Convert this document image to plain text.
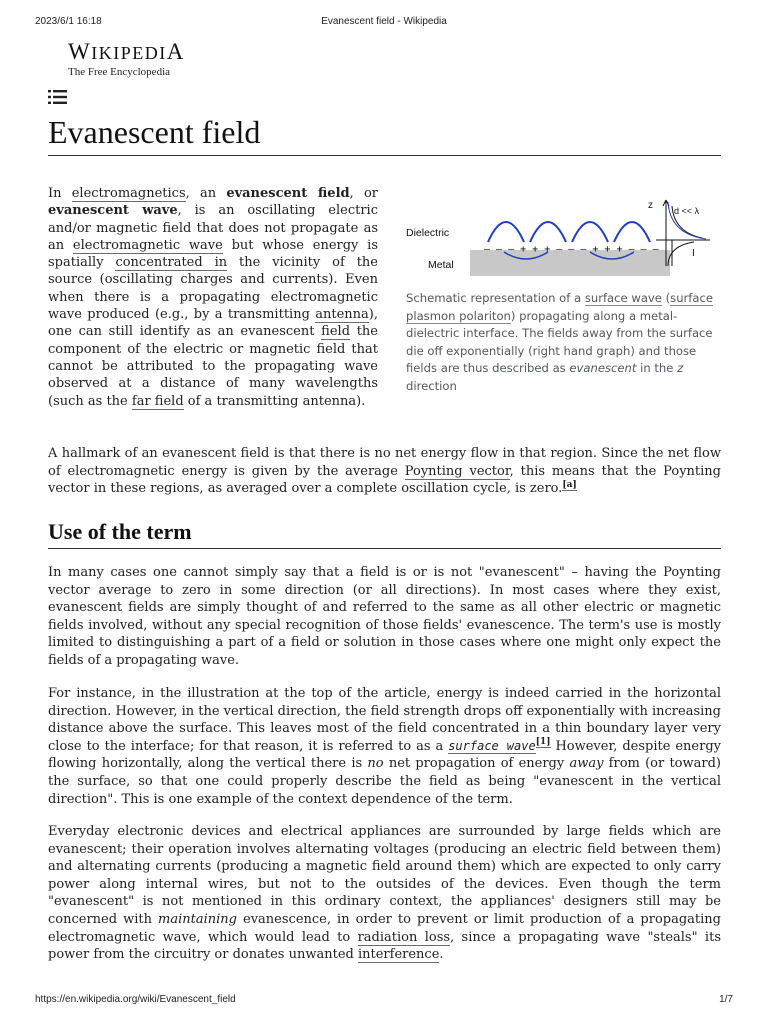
2023/6/1 16:18	Evanescent field - Wikipedia
WIKIPEDIA
The Free Encyclopedia
Evanescent field
In electromagnetics, an evanescent field, or evanescent wave, is an oscillating electric and/or magnetic field that does not propagate as an electromagnetic wave but whose energy is spatially concentrated in the vicinity of the source (oscillating charges and currents). Even when there is a propagating electromagnetic wave produced (e.g., by a transmitting antenna), one can still identify as an evanescent field the component of the electric or magnetic field that cannot be attributed to the propagating wave observed at a distance of many wavelengths (such as the far field of a transmitting antenna).
– – – + + + – – – + + + – – –
Dielectric
Metal
z d << λ
I
Schematic representation of a surface wave (surface plasmon polariton) propagating along a metal-dielectric interface. The fields away from the surface die off exponentially (right hand graph) and those fields are thus described as evanescent in the z direction
A hallmark of an evanescent field is that there is no net energy flow in that region. Since the net flow of electromagnetic energy is given by the average Poynting vector, this means that the Poynting vector in these regions, as averaged over a complete oscillation cycle, is zero.[a]
Use of the term
In many cases one cannot simply say that a field is or is not "evanescent" – having the Poynting vector average to zero in some direction (or all directions). In most cases where they exist, evanescent fields are simply thought of and referred to the same as all other electric or magnetic fields involved, without any special recognition of those fields' evanescence. The term's use is mostly limited to distinguishing a part of a field or solution in those cases where one might only expect the fields of a propagating wave.
For instance, in the illustration at the top of the article, energy is indeed carried in the horizontal direction. However, in the vertical direction, the field strength drops off exponentially with increasing distance above the surface. This leaves most of the field concentrated in a thin boundary layer very close to the interface; for that reason, it is referred to as a surface wave[1] However, despite energy flowing horizontally, along the vertical there is no net propagation of energy away from (or toward) the surface, so that one could properly describe the field as being "evanescent in the vertical direction". This is one example of the context dependence of the term.
Everyday electronic devices and electrical appliances are surrounded by large fields which are evanescent; their operation involves alternating voltages (producing an electric field between them) and alternating currents (producing a magnetic field around them) which are expected to only carry power along internal wires, but not to the outsides of the devices. Even though the term "evanescent" is not mentioned in this ordinary context, the appliances' designers still may be concerned with maintaining evanescence, in order to prevent or limit production of a propagating electromagnetic wave, which would lead to radiation loss, since a propagating wave "steals" its power from the circuitry or donates unwanted interference.
https://en.wikipedia.org/wiki/Evanescent_field	1/7
